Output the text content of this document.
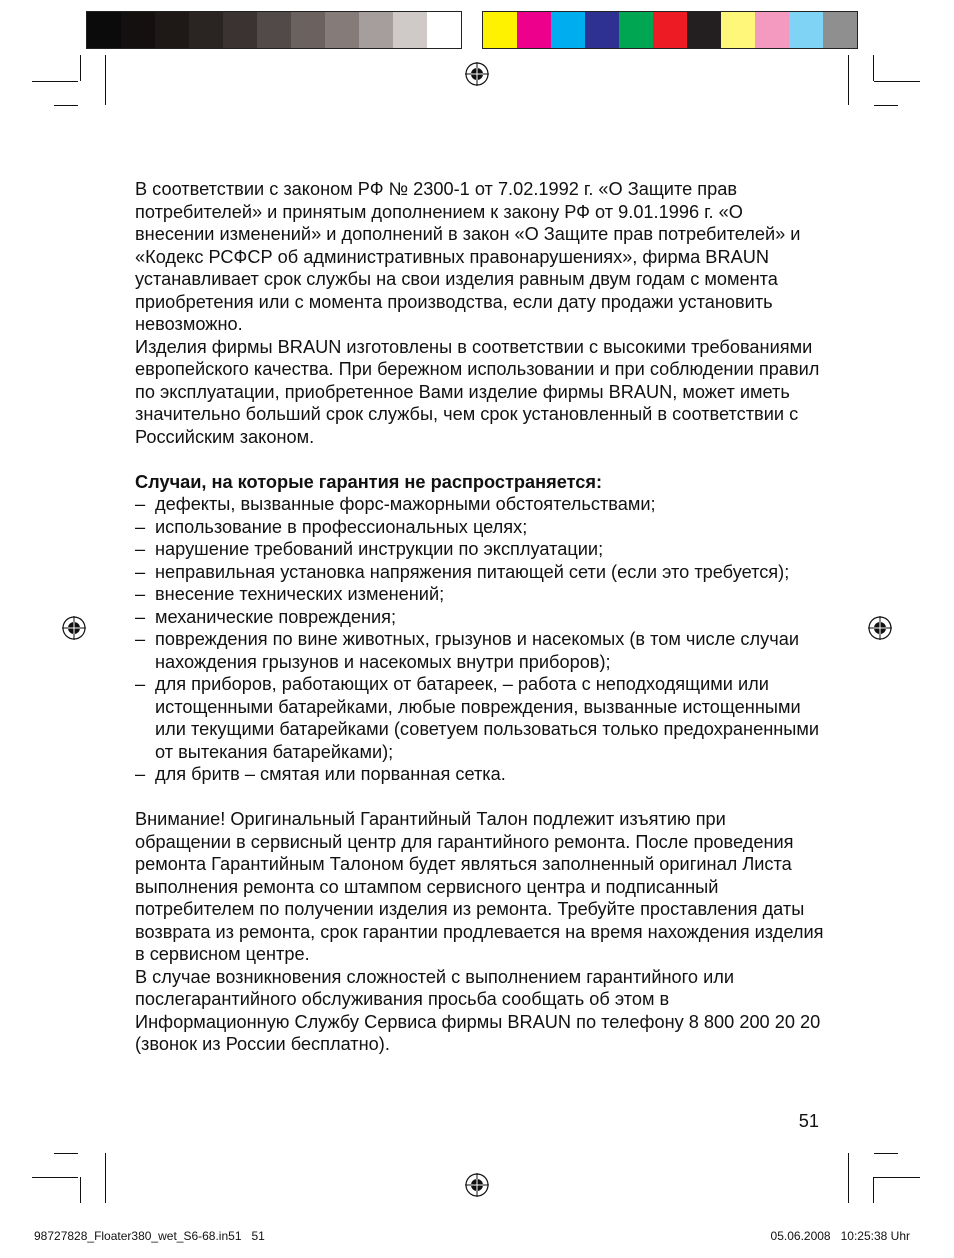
В соответствии с законом РФ № 2300-1 от 7.02.1992 г. «О Защите прав потребителей» и принятым дополнением к закону РФ от 9.01.1996 г. «О внесении изменений» и дополнений в закон «О Защите прав потребителей» и «Кодекс РСФСР об административных правонарушениях», фирма BRAUN устанавливает срок службы на свои изделия равным двум годам с момента приобретения или с момента производства, если дату продажи установить невозможно.

Изделия фирмы BRAUN изготовлены в соответствии с высокими требованиями европейского качества. При бережном использовании и при соблюдении правил по эксплуатации, приобретенное Вами изделие фирмы BRAUN, может иметь значительно больший срок службы, чем срок установленный в соответствии с Российским законом.

Случаи, на которые гарантия не распространяется:

– дефекты, вызванные форс-мажорными обстоятельствами;
– использование в профессиональных целях;
– нарушение требований инструкции по эксплуатации;
– неправильная установка напряжения питающей сети (если это требуется);
– внесение технических изменений;
– механические повреждения;
– повреждения по вине животных, грызунов и насекомых (в том числе случаи нахождения грызунов и насекомых внутри приборов);
– для приборов, работающих от батареек, – работа с неподходящими или истощенными батарейками, любые повреждения, вызванные истощенными или текущими батарейками (советуем пользоваться только предохраненными от вытекания батарейками);
– для бритв – смятая или порванная сетка.

Внимание! Оригинальный Гарантийный Талон подлежит изъятию при обращении в сервисный центр для гарантийного ремонта. После проведения ремонта Гарантийным Талоном будет являться заполненный оригинал Листа выполнения ремонта со штампом сервисного центра и подписанный потребителем по получении изделия из ремонта. Требуйте проставления даты возврата из ремонта, срок гарантии продлевается на время нахождения изделия в сервисном центре.

В случае возникновения сложностей с выполнением гарантийного или послегарантийного обслуживания просьба сообщать об этом в Информационную Службу Сервиса фирмы BRAUN по телефону 8 800 200 20 20 (звонок из России бесплатно).

51
98727828_Floater380_wet_S6-68.in51   51	05.06.2008   10:25:38 Uhr
